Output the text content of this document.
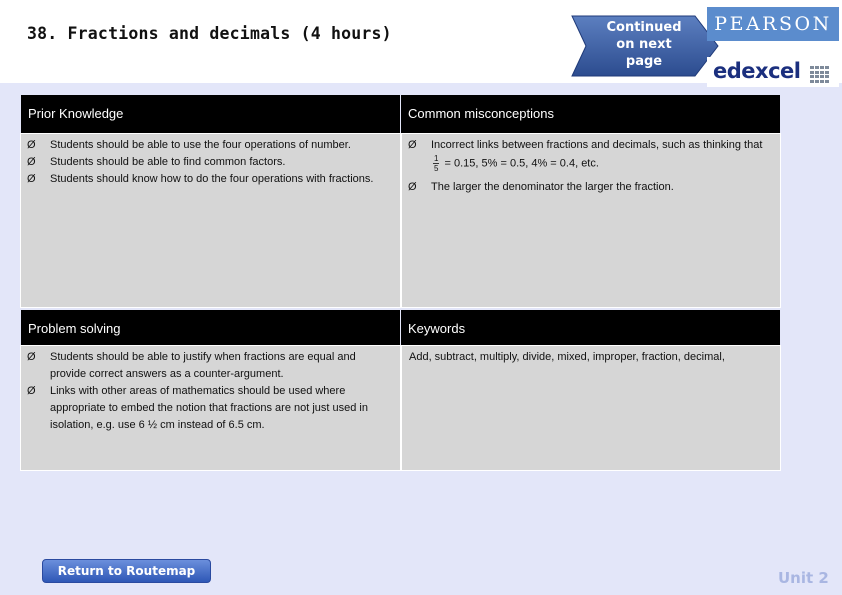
38. Fractions and decimals (4 hours)	Continued
on next
page
PEARSON
edexcel
Prior Knowledge
Ø Students should be able to use the four operations of number.
Ø Students should be able to find common factors.
Ø Students should know how to do the four operations with fractions.
Common misconceptions
Ø Incorrect links between fractions and decimals, such as thinking that
$\frac{1}{5} = 0.15$, 5% = 0.5, 4% = 0.4, etc.
Ø The larger the denominator the larger the fraction.
Problem solving
Ø Students should be able to justify when fractions are equal and provide correct answers as a counter-argument.
Ø Links with other areas of mathematics should be used where appropriate to embed the notion that fractions are not just used in isolation, e.g. use 6 ½ cm instead of 6.5 cm.
Keywords
Add, subtract, multiply, divide, mixed, improper, fraction, decimal,
Return to Routemap	Unit 2
